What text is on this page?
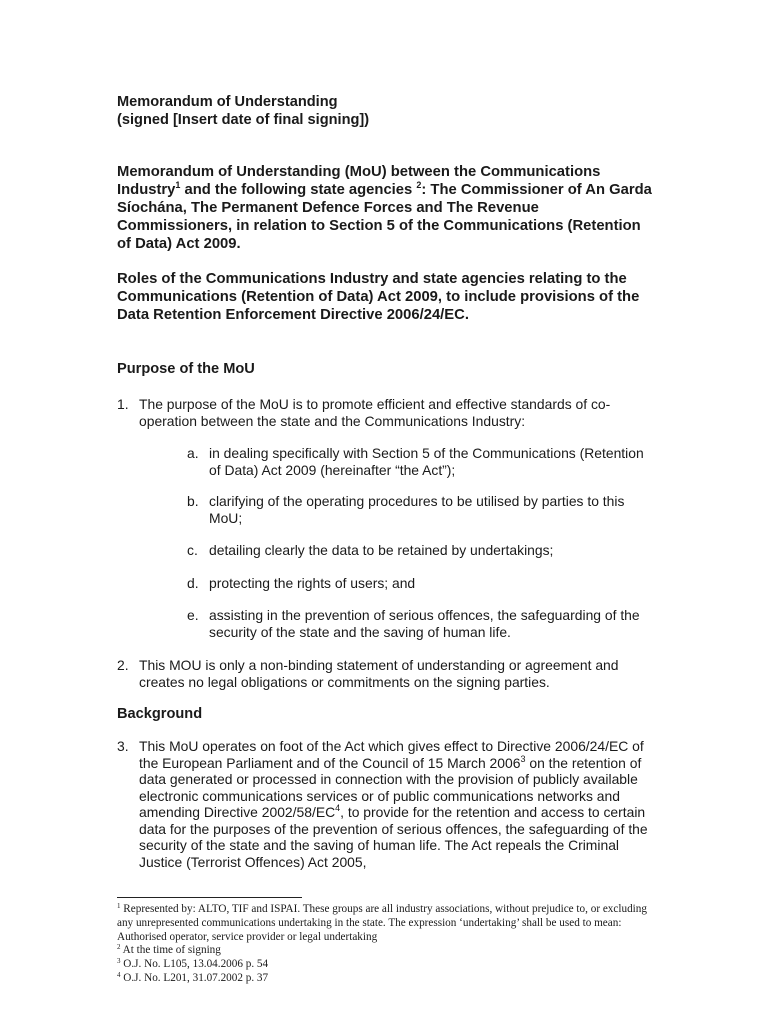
Memorandum of Understanding
(signed [Insert date of final signing])
Memorandum of Understanding (MoU) between the Communications Industry$^1$ and the following state agencies $^2$: The Commissioner of An Garda Síochána, The Permanent Defence Forces and The Revenue Commissioners, in relation to Section 5 of the Communications (Retention of Data) Act 2009.
Roles of the Communications Industry and state agencies relating to the Communications (Retention of Data) Act 2009, to include provisions of the Data Retention Enforcement Directive 2006/24/EC.
Purpose of the MoU
1. The purpose of the MoU is to promote efficient and effective standards of co-operation between the state and the Communications Industry:
a. in dealing specifically with Section 5 of the Communications (Retention of Data) Act 2009 (hereinafter “the Act”);
b. clarifying of the operating procedures to be utilised by parties to this MoU;
c. detailing clearly the data to be retained by undertakings;
d. protecting the rights of users; and
e. assisting in the prevention of serious offences, the safeguarding of the security of the state and the saving of human life.
2. This MOU is only a non-binding statement of understanding or agreement and creates no legal obligations or commitments on the signing parties.
Background
3. This MoU operates on foot of the Act which gives effect to Directive 2006/24/EC of the European Parliament and of the Council of 15 March 2006$^3$ on the retention of data generated or processed in connection with the provision of publicly available electronic communications services or of public communications networks and amending Directive $2002/58/EC^4$, to provide for the retention and access to certain data for the purposes of the prevention of serious offences, the safeguarding of the security of the state and the saving of human life. The Act repeals the Criminal Justice (Terrorist Offences) Act 2005,
$^1$ Represented by: ALTO, TIF and ISPAI. These groups are all industry associations, without prejudice to, or excluding any unrepresented communications undertaking in the state. The expression ‘undertaking’ shall be used to mean: Authorised operator, service provider or legal undertaking
$^2$ At the time of signing
$^3$ O.J. No. L105, 13.04.2006 p. 54
$^4$ O.J. No. L201, 31.07.2002 p. 37
